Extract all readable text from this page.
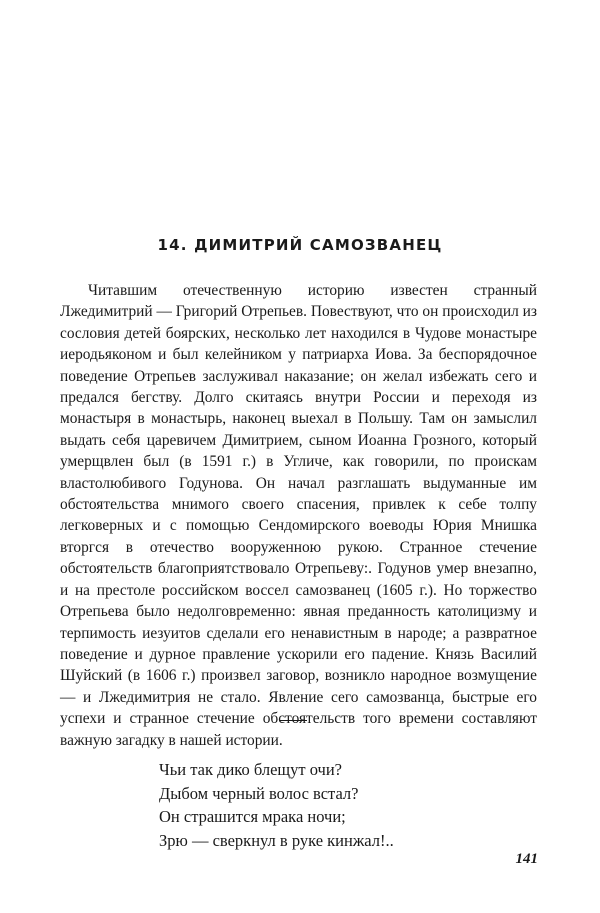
14. ДИМИТРИЙ САМОЗВАНЕЦ

Читавшим отечественную историю известен странный Лжедимитрий — Григорий Отрепьев. Повествуют, что он происходил из сословия детей боярских, несколько лет находился в Чудове монастыре иеродьяконом и был келейником у патриарха Иова. За беспорядочное поведение Отрепьев заслуживал наказание; он желал избежать сего и предался бегству. Долго скитаясь внутри России и переходя из монастыря в монастырь, наконец выехал в Польшу. Там он замыслил выдать себя царевичем Димитрием, сыном Иоанна Грозного, который умерщвлен был (в 1591 г.) в Угличе, как говорили, по проискам властолюбивого Годунова. Он начал разглашать выдуманные им обстоятельства мнимого своего спасения, привлек к себе толпу легковерных и с помощью Сендомирского воеводы Юрия Мнишка вторгся в отечество вооруженною рукою. Странное стечение обстоятельств благоприятствовало Отрепьеву:. Годунов умер внезапно, и на престоле российском воссел самозванец (1605 г.). Но торжество Отрепьева было недолговременно: явная преданность католицизму и терпимость иезуитов сделали его ненавистным в народе; а развратное поведение и дурное правление ускорили его падение. Князь Василий Шуйский (в 1606 г.) произвел заговор, возникло народное возмущение — и Лжедимитрия не стало. Явление сего самозванца, быстрые его успехи и странное стечение обстоятельств того времени составляют важную загадку в нашей истории.

Чьи так дико блещут очи?
Дыбом черный волос встал?
Он страшится мрака ночи;
Зрю — сверкнул в руке кинжал!..
141
